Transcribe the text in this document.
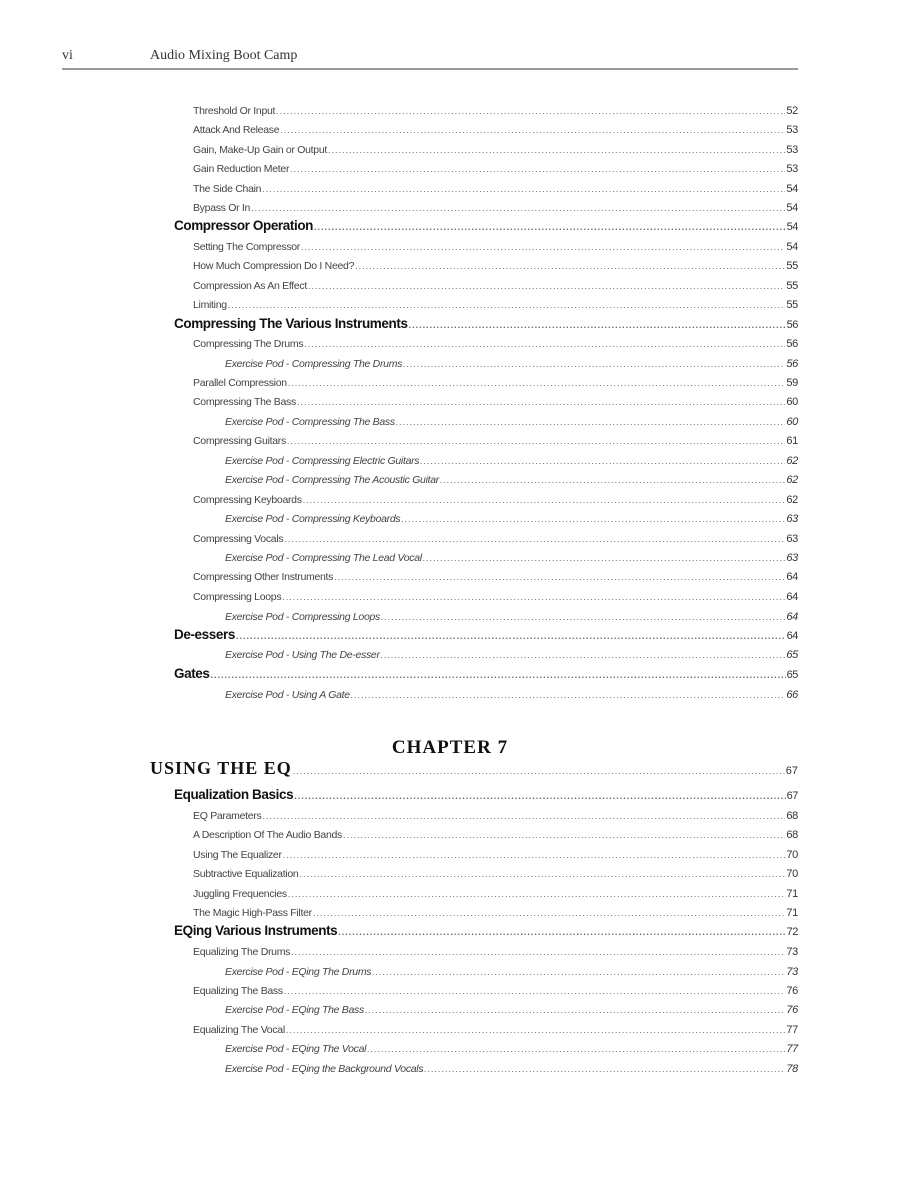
vi	Audio Mixing Boot Camp
CHAPTER 7
Threshold Or Input .....	52
Attack And Release .....	53
Gain, Make-Up Gain or Output .....	53
Gain Reduction Meter .....	53
The Side Chain .....	54
Bypass Or In .....	54
Compressor Operation .....	54
Setting The Compressor .....	54
How Much Compression Do I Need? .....	55
Compression As An Effect .....	55
Limiting .....	55
Compressing The Various Instruments .....	56
Compressing The Drums .....	56
Exercise Pod - Compressing The Drums .....	56
Parallel Compression .....	59
Compressing The Bass .....	60
Exercise Pod - Compressing The Bass .....	60
Compressing Guitars .....	61
Exercise Pod - Compressing Electric Guitars .....	62
Exercise Pod - Compressing The Acoustic Guitar .....	62
Compressing Keyboards .....	62
Exercise Pod - Compressing Keyboards .....	63
Compressing Vocals .....	63
Exercise Pod - Compressing The Lead Vocal .....	63
Compressing Other Instruments .....	64
Compressing Loops .....	64
Exercise Pod - Compressing Loops .....	64
De-essers .....	64
Exercise Pod - Using The De-esser .....	65
Gates .....	65
Exercise Pod - Using A Gate .....	66
USING THE EQ .....	67
Equalization Basics .....	67
EQ Parameters .....	68
A Description Of The Audio Bands .....	68
Using The Equalizer .....	70
Subtractive Equalization .....	70
Juggling Frequencies .....	71
The Magic High-Pass Filter .....	71
EQing Various Instruments .....	72
Equalizing The Drums .....	73
Exercise Pod - EQing The Drums .....	73
Equalizing The Bass .....	76
Exercise Pod - EQing The Bass .....	76
Equalizing The Vocal .....	77
Exercise Pod - EQing The Vocal .....	77
Exercise Pod - EQing the Background Vocals .....	78
